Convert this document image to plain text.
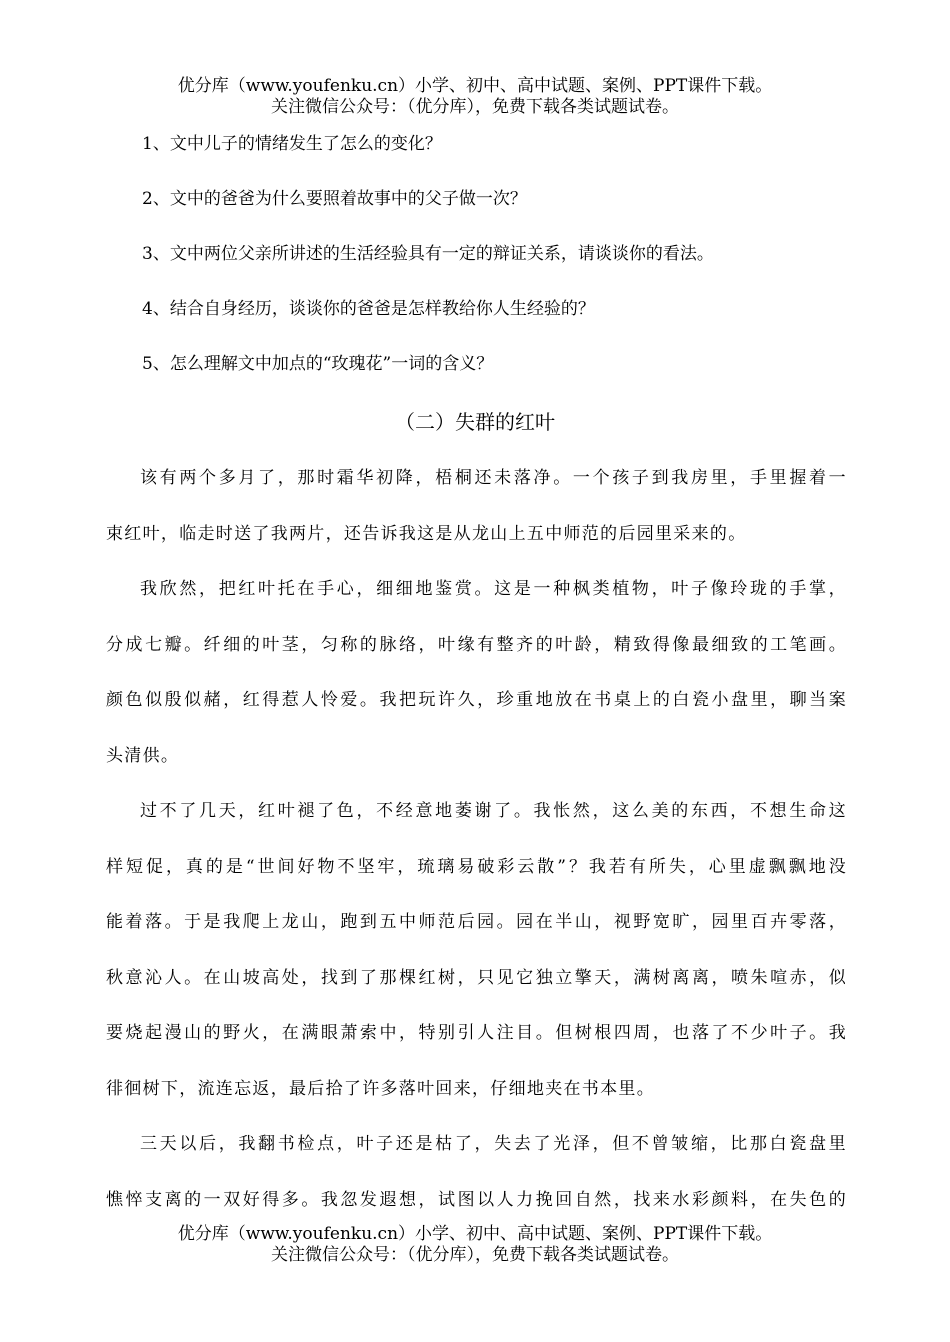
优分库（www.youfenku.cn）小学、初中、高中试题、案例、PPT课件下载。
关注微信公众号：（优分库），免费下载各类试题试卷。
1、文中儿子的情绪发生了怎么的变化？
2、文中的爸爸为什么要照着故事中的父子做一次？
3、文中两位父亲所讲述的生活经验具有一定的辩证关系，请谈谈你的看法。
4、结合自身经历，谈谈你的爸爸是怎样教给你人生经验的？
5、怎么理解文中加点的“玫瑰花”一词的含义？
（二）失群的红叶

该有两个多月了，那时霜华初降，梧桐还未落净。一个孩子到我房里，手里握着一
束红叶，临走时送了我两片，还告诉我这是从龙山上五中师范的后园里采来的。

我欣然，把红叶托在手心，细细地鉴赏。这是一种枫类植物，叶子像玲珑的手掌，
分成七瓣。纤细的叶茎，匀称的脉络，叶缘有整齐的叶龄，精致得像最细致的工笔画。
颜色似殷似赭，红得惹人怜爱。我把玩许久，珍重地放在书桌上的白瓷小盘里，聊当案
头清供。

过不了几天，红叶褪了色，不经意地萎谢了。我怅然，这么美的东西，不想生命这
样短促，真的是“世间好物不坚牢，琉璃易破彩云散”？我若有所失，心里虚飘飘地没
能着落。于是我爬上龙山，跑到五中师范后园。园在半山，视野宽旷，园里百卉零落，
秋意沁人。在山坡高处，找到了那棵红树，只见它独立擎天，满树离离，喷朱喧赤，似
要烧起漫山的野火，在满眼萧索中，特别引人注目。但树根四周，也落了不少叶子。我
徘徊树下，流连忘返，最后拾了许多落叶回来，仔细地夹在书本里。

三天以后，我翻书检点，叶子还是枯了，失去了光泽，但不曾皱缩，比那白瓷盘里
憔悴支离的一双好得多。我忽发遐想，试图以人力挽回自然，找来水彩颜料，在失色的

优分库（www.youfenku.cn）小学、初中、高中试题、案例、PPT课件下载。
关注微信公众号：（优分库），免费下载各类试题试卷。
